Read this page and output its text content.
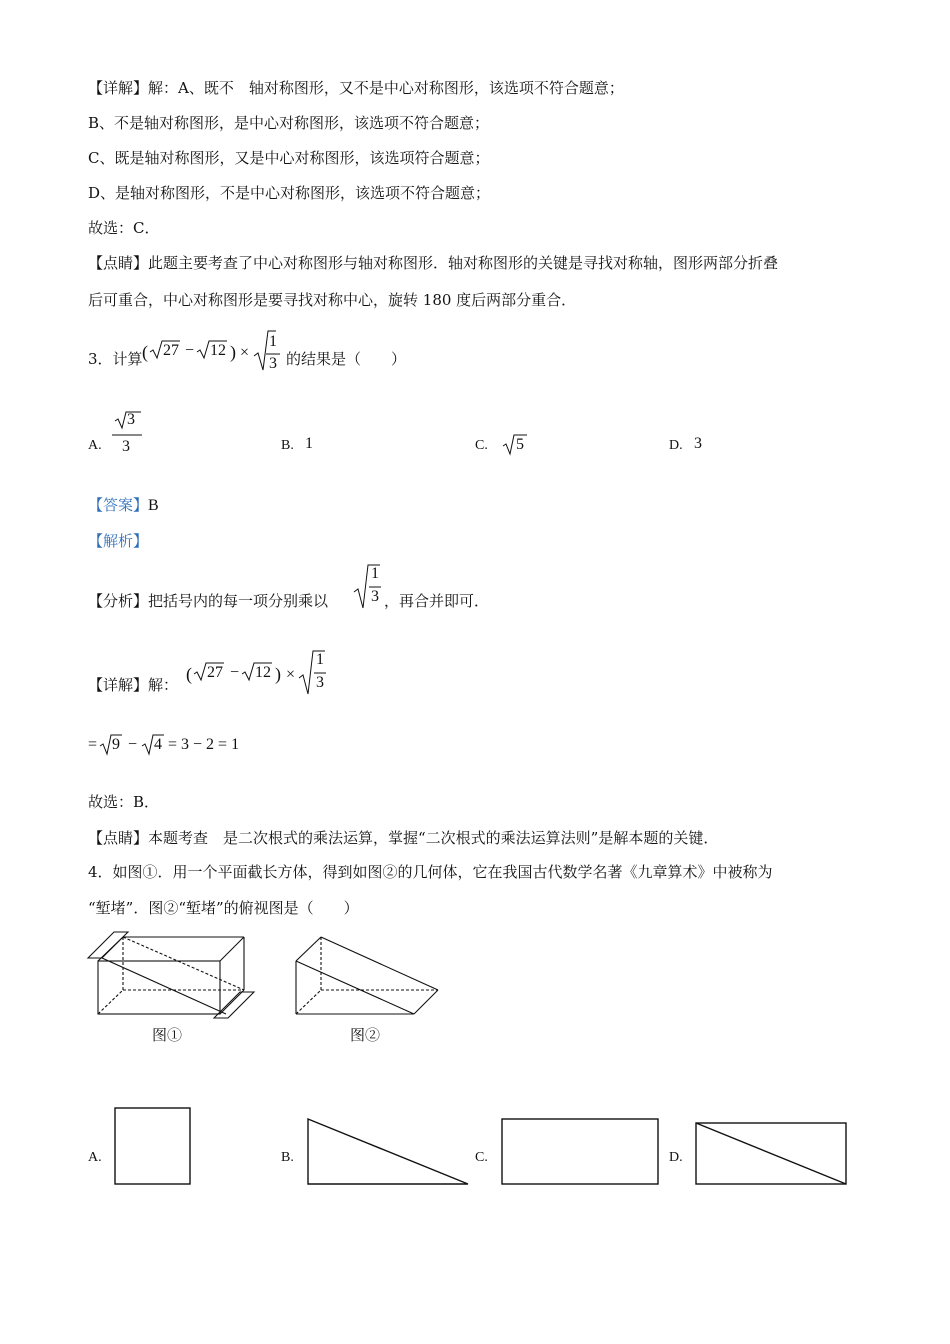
【详解】解：A、既不　轴对称图形，又不是中心对称图形，该选项不符合题意；
B、不是轴对称图形，是中心对称图形，该选项不符合题意；
C、既是轴对称图形，又是中心对称图形，该选项符合题意；
D、是轴对称图形，不是中心对称图形，该选项不符合题意；
故选：C．
【点睛】此题主要考查了中心对称图形与轴对称图形．轴对称图形的关键是寻找对称轴，图形两部分折叠
后可重合，中心对称图形是要寻找对称中心，旋转 180 度后两部分重合．
3．计算 ( 27 − 12 ) ×
1
3 的结果是（　　）
A.
3
3	B. 1	C. 5	D. 3
【答案】B
【解析】
【分析】把括号内的每一项分别乘以
1
3 ，再合并即可．
【详解】解：
( 27 − 12 ) ×
1
3
= 9 − 4 = 3 − 2 = 1
故选：B．
【点睛】本题考查　是二次根式的乘法运算，掌握“二次根式的乘法运算法则”是解本题的关键．
4．如图①．用一个平面截长方体，得到如图②的几何体，它在我国古代数学名著《九章算术》中被称为
“堑堵”．图②“堑堵”的俯视图是（　　）
图①	图②
A.	B.	C.	D.
